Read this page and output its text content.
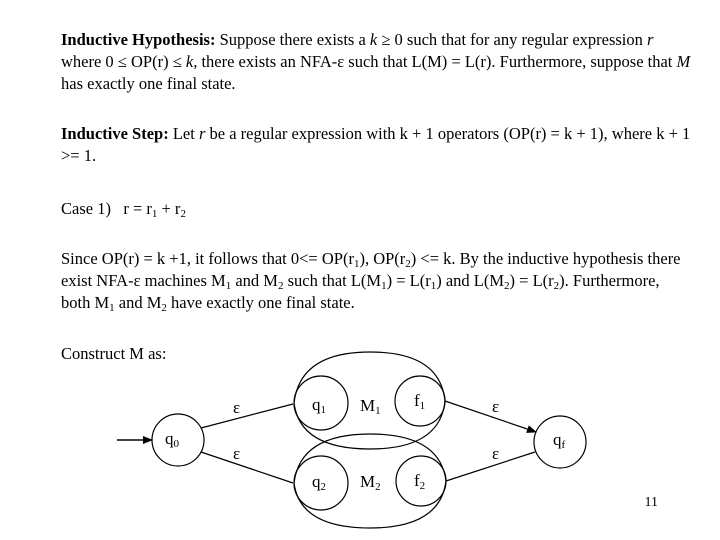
Inductive Hypothesis: Suppose there exists a k ≥ 0 such that for any regular expression r where 0 ≤ OP(r) ≤ k, there exists an NFA-ε such that L(M) = L(r). Furthermore, suppose that M has exactly one final state.

Inductive Step: Let r be a regular expression with k + 1 operators (OP(r) = k + 1), where k + 1 >= 1.

Case 1) $r = r_1 + r_2$

Since OP(r) = k +1, it follows that $0<= OP(r_1)$, $OP(r_2) <= k$. By the inductive hypothesis there exist NFA-ε machines $M_1$ and $M_2$ such that $L(M_1) = L(r_1)$ and $L(M_2) = L(r_2)$. Furthermore, both $M_1$ and $M_2$ have exactly one final state.

Construct M as:

ε
ε
ε
ε
q0
q1 M1
f1
q2 M2 f2
qf
11
